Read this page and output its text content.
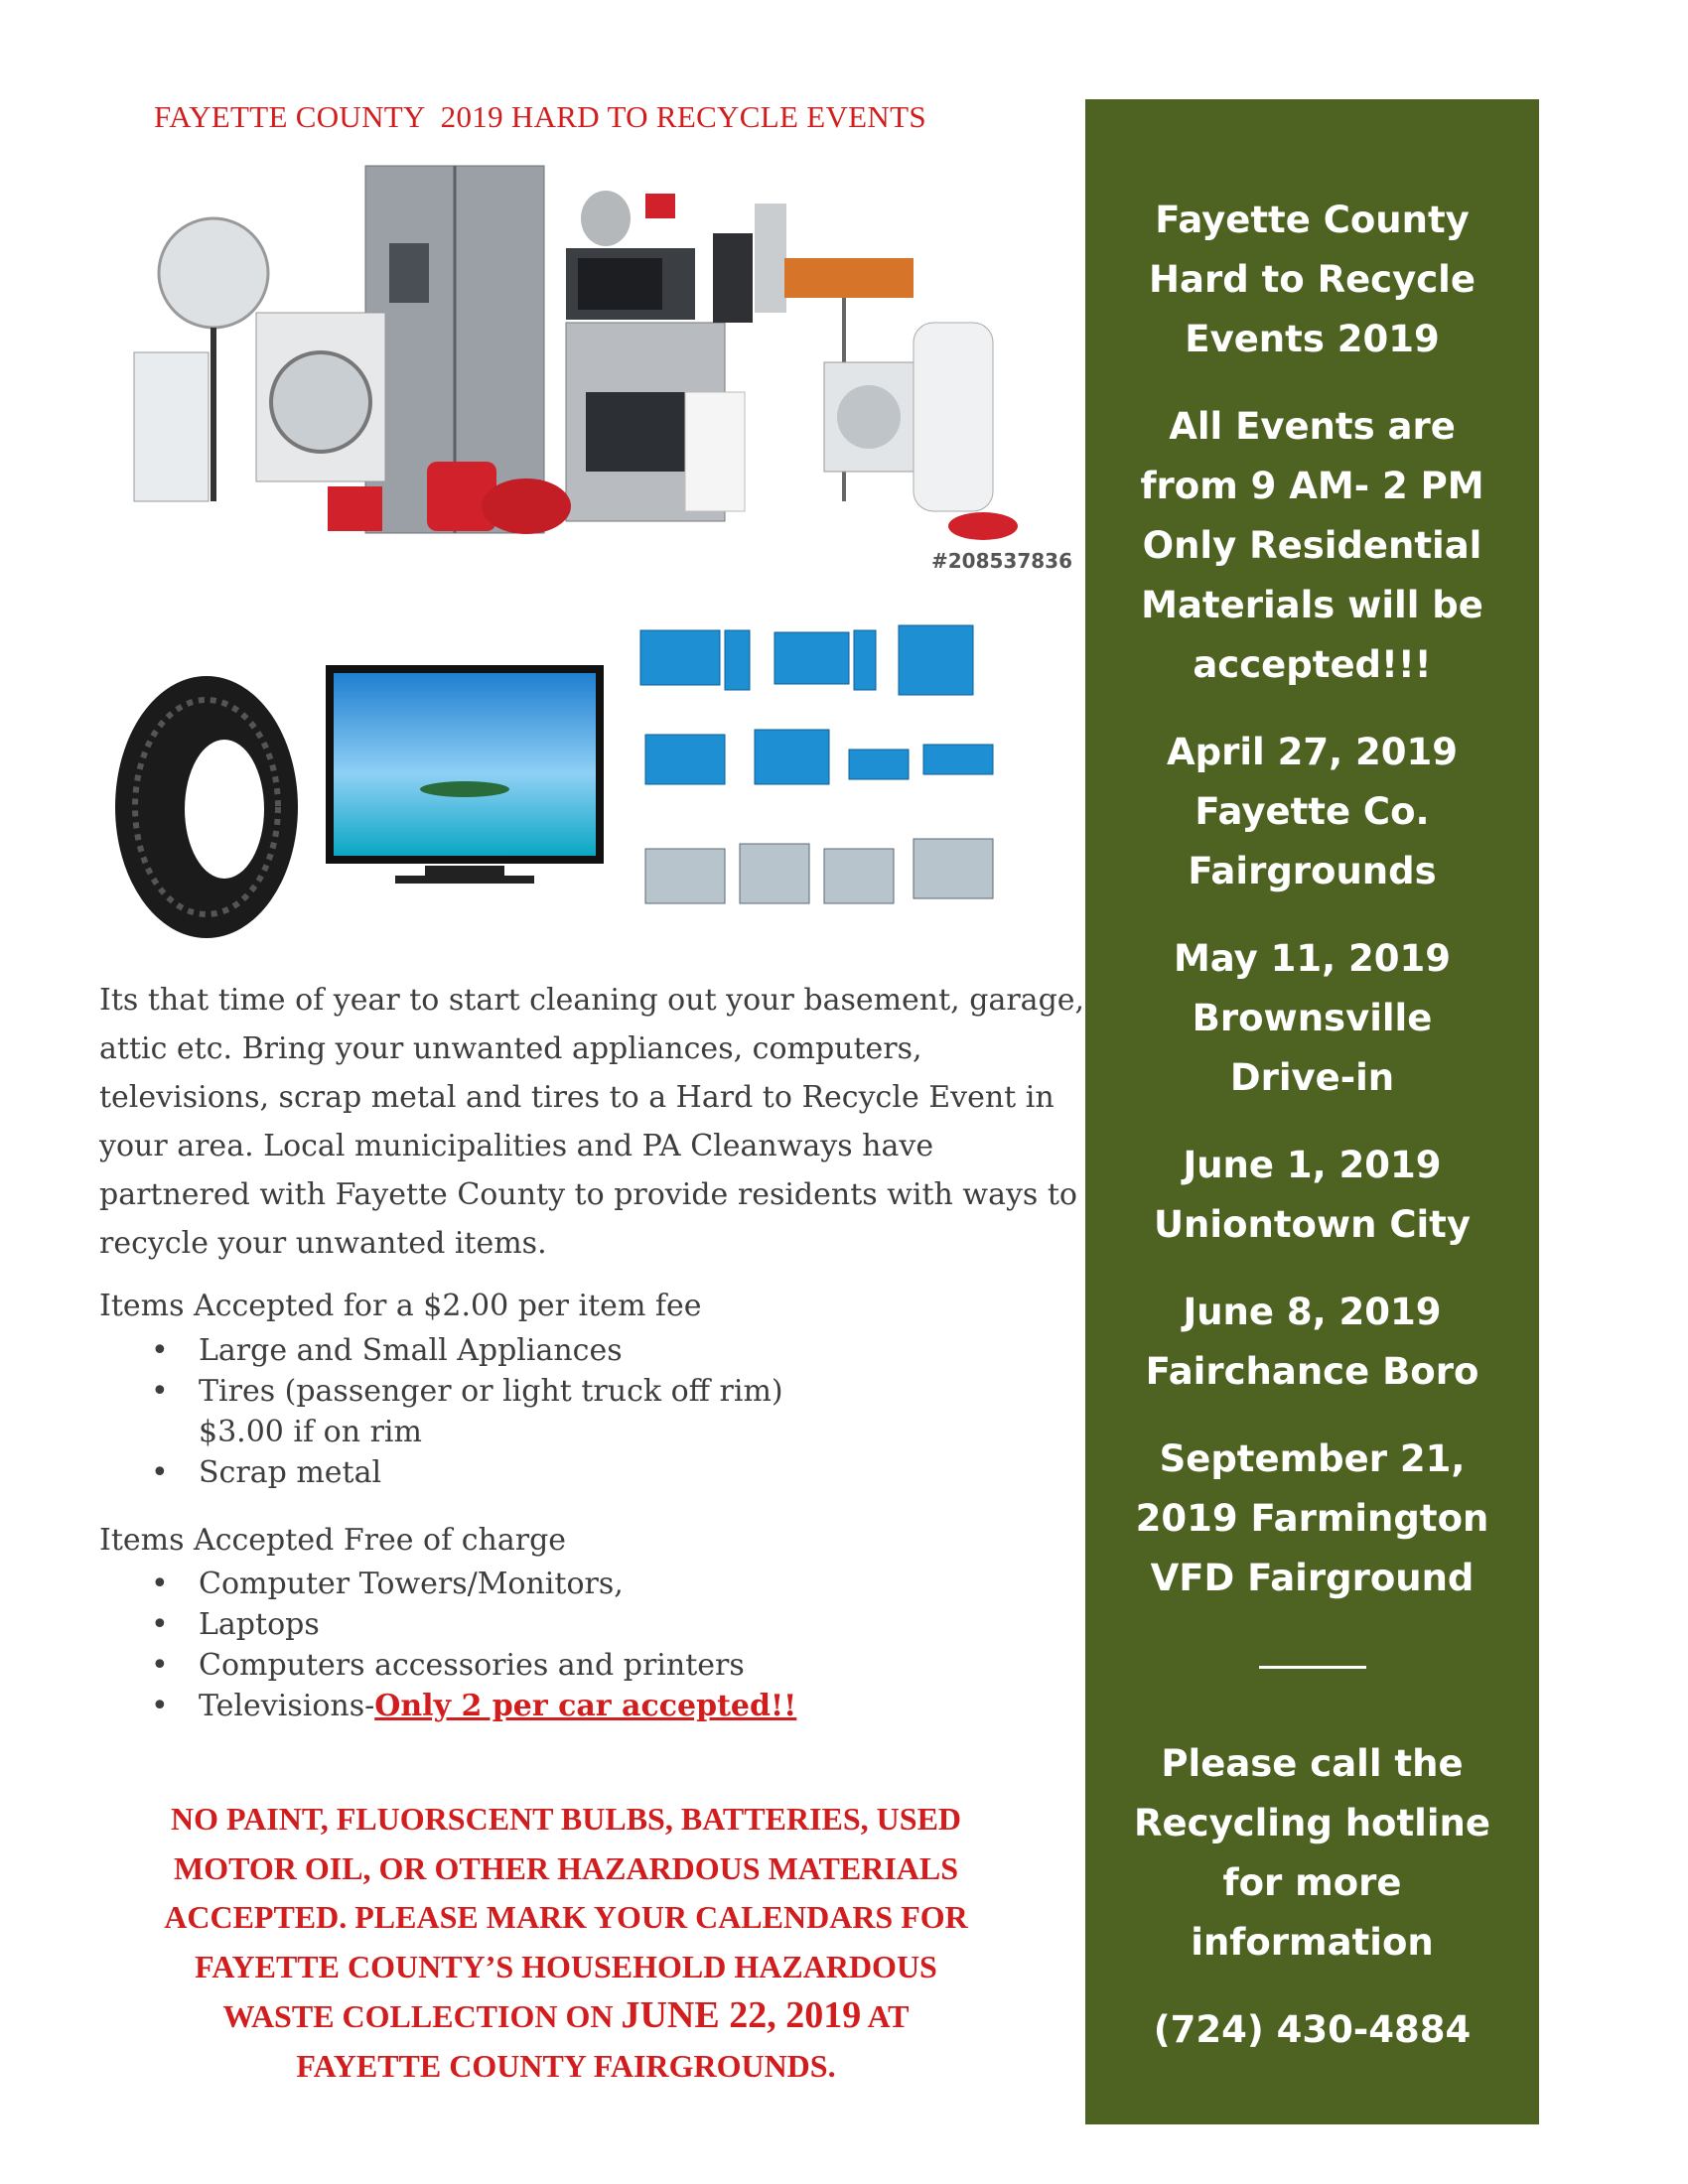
FAYETTE COUNTY  2019 HARD TO RECYCLE EVENTS
#208537836
Its that time of year to start cleaning out your basement, garage,
attic etc. Bring your unwanted appliances, computers,
televisions, scrap metal and tires to a Hard to Recycle Event in
your area. Local municipalities and PA Cleanways have
partnered with Fayette County to provide residents with ways to
recycle your unwanted items.
Items Accepted for a $2.00 per item fee
• Large and Small Appliances
• Tires (passenger or light truck off rim)
$3.00 if on rim
• Scrap metal
Items Accepted Free of charge
• Computer Towers/Monitors,
• Laptops
• Computers accessories and printers
• Televisions-Only 2 per car accepted!!
NO PAINT, FLUORSCENT BULBS, BATTERIES, USED
MOTOR OIL, OR OTHER HAZARDOUS MATERIALS
ACCEPTED. PLEASE MARK YOUR CALENDARS FOR
FAYETTE COUNTY’S HOUSEHOLD HAZARDOUS
WASTE COLLECTION ON JUNE 22, 2019 AT
FAYETTE COUNTY FAIRGROUNDS.
Fayette County
Hard to Recycle
Events 2019
All Events are
from 9 AM- 2 PM
Only Residential
Materials will be
accepted!!!
April 27, 2019
Fayette Co.
Fairgrounds
May 11, 2019
Brownsville
Drive-in
June 1, 2019
Uniontown City
June 8, 2019
Fairchance Boro
September 21,
2019 Farmington
VFD Fairground
Please call the
Recycling hotline
for more
information
(724) 430-4884
